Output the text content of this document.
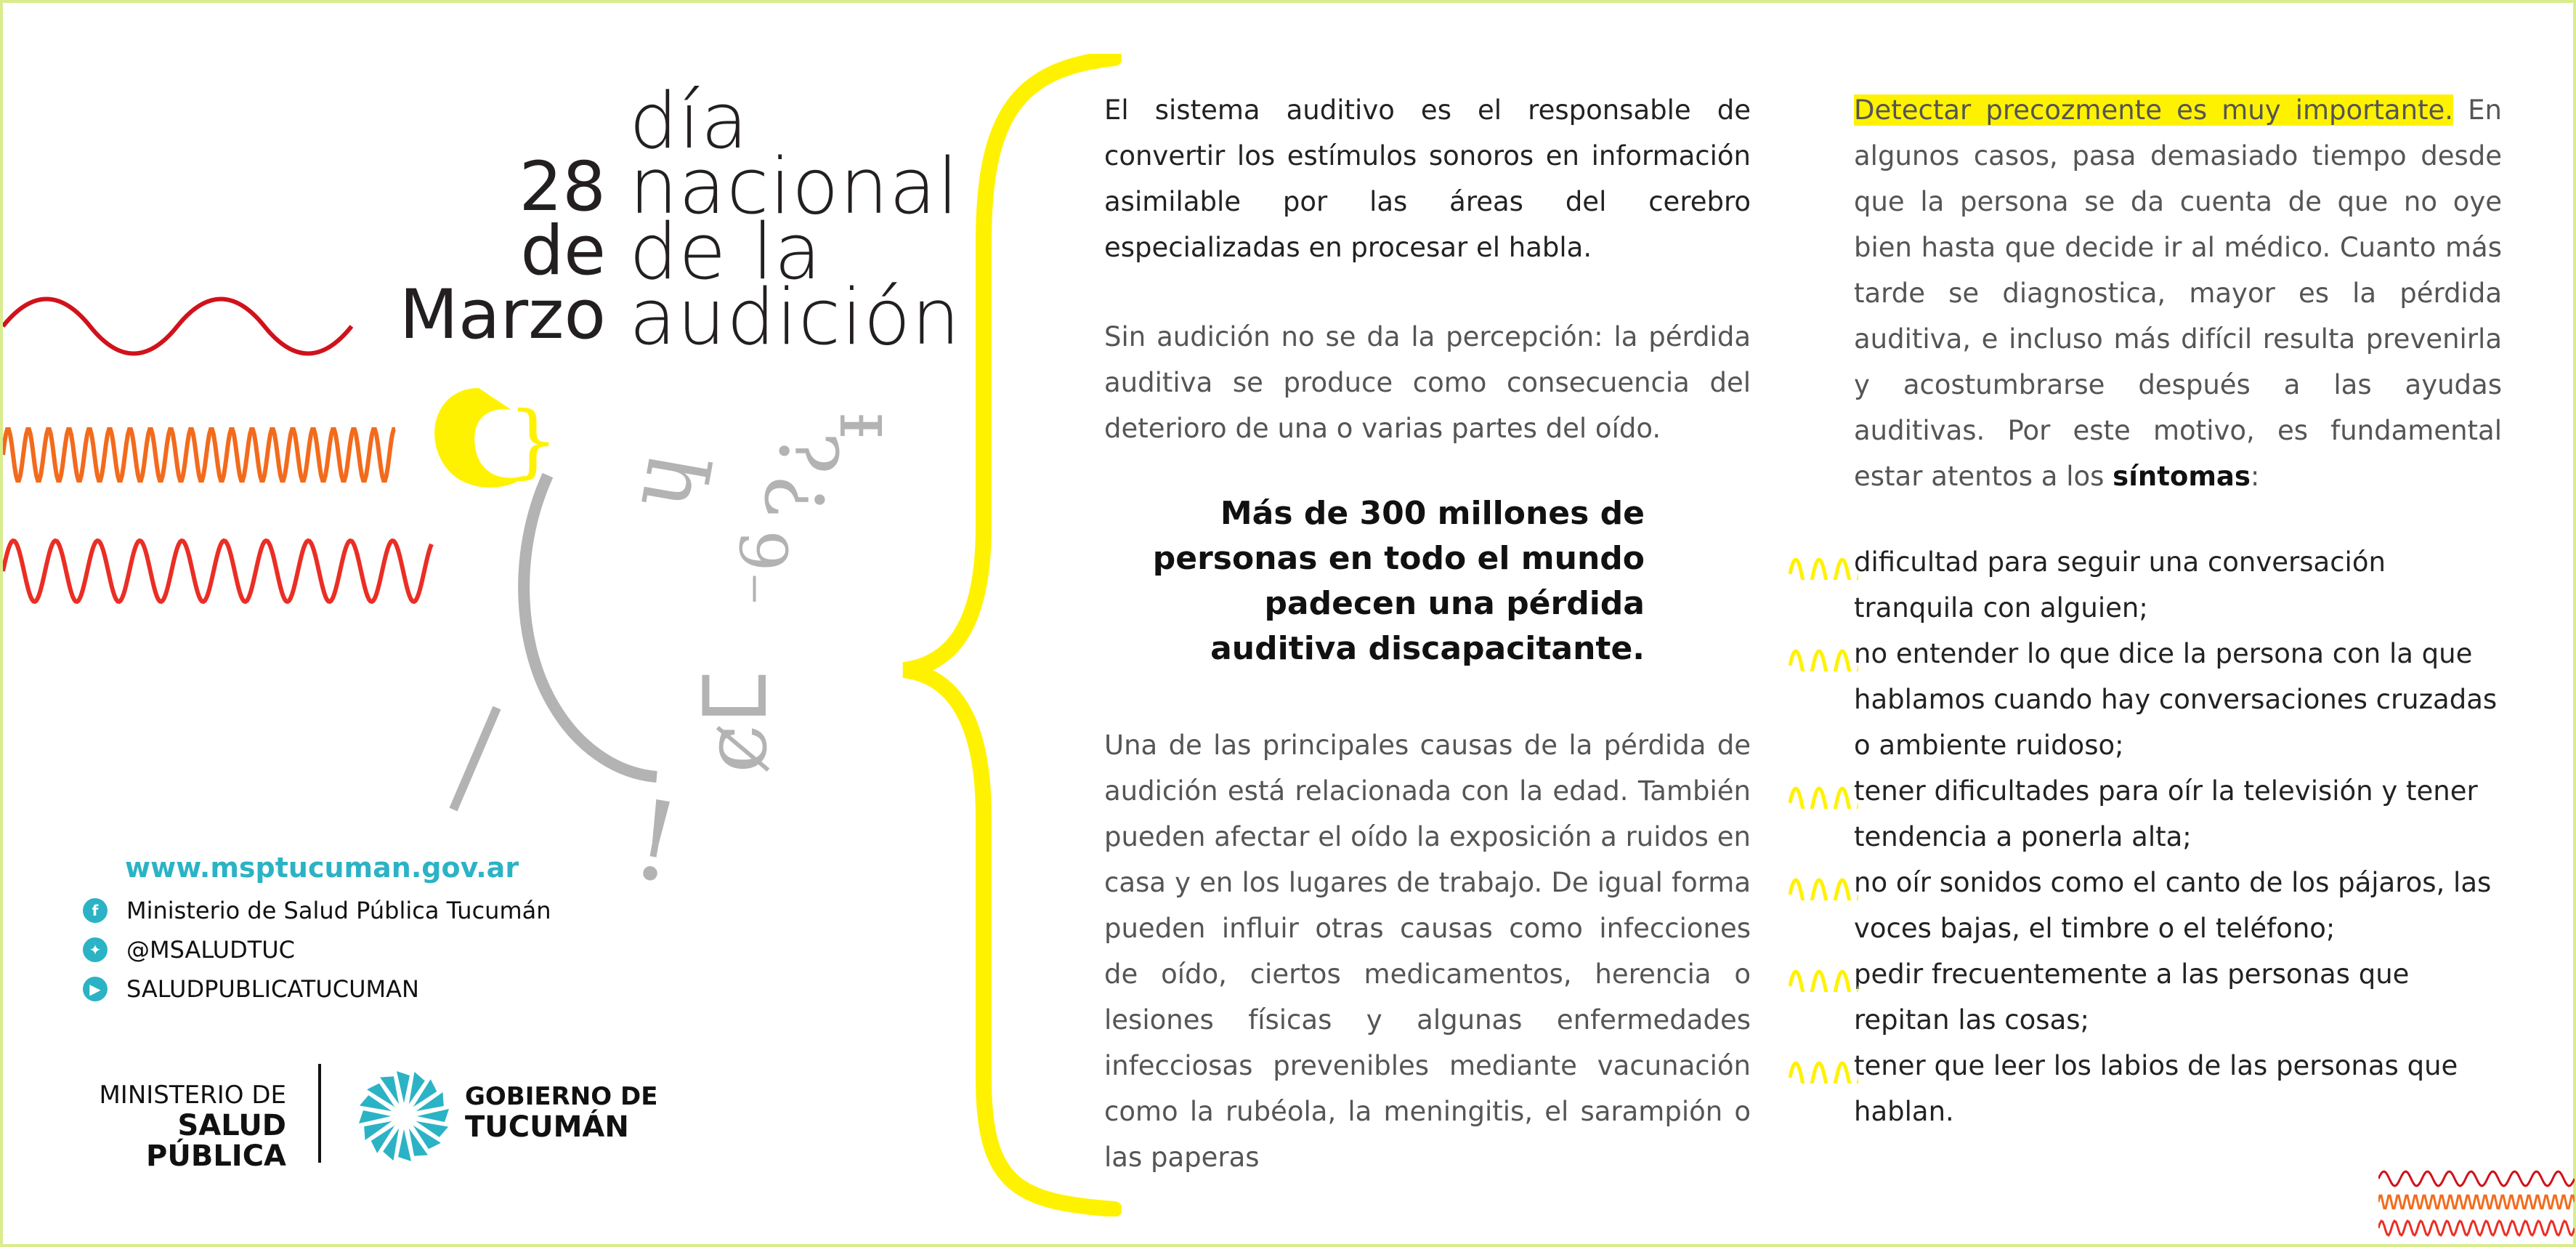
28
de
Marzo
día
nacional
de la
audición
}
!
ȼⵎ
⁻6
?¿
ᵻ
ɥ
El sistema auditivo es el responsable de convertir los estímulos sonoros en información asimilable por las áreas del cerebro especializadas en procesar el habla.
Sin audición no se da la percepción: la pérdida auditiva se produce como consecuencia del deterioro de una o varias partes del oído.
Más de 300 millones de personas en todo el mundo padecen una pérdida auditiva discapacitante.
Una de las principales causas de la pérdida de audición está relacionada con la edad. También pueden afectar el oído la exposición a ruidos en casa y en los lugares de trabajo. De igual forma pueden influir otras causas como infecciones de oído, ciertos medicamentos, herencia o lesiones físicas y algunas enfermedades infecciosas prevenibles mediante vacunación como la rubéola, la meningitis, el sarampión o las paperas
Detectar precozmente es muy importante. En algunos casos, pasa demasiado tiempo desde que la persona se da cuenta de que no oye bien hasta que decide ir al médico. Cuanto más tarde se diagnostica, mayor es la pérdida auditiva, e incluso más difícil resulta prevenirla y acostumbrarse después a las ayudas auditivas. Por este motivo, es fundamental estar atentos a los síntomas:
dificultad para seguir una conversación tranquila con alguien;
no entender lo que dice la persona con la que hablamos cuando hay conversaciones cruzadas o ambiente ruidoso;
tener dificultades para oír la televisión y tener tendencia a ponerla alta;
no oír sonidos como el canto de los pájaros, las voces bajas, el timbre o el teléfono;
pedir frecuentemente a las personas que repitan las cosas;
tener que leer los labios de las personas que hablan.
www.msptucuman.gov.ar
f	Ministerio de Salud Pública Tucumán
✦ @MSALUDTUC
▶ SALUDPUBLICATUCUMAN
MINISTERIO DE
SALUD PÚBLICA
GOBIERNO DE
TUCUMÁN
